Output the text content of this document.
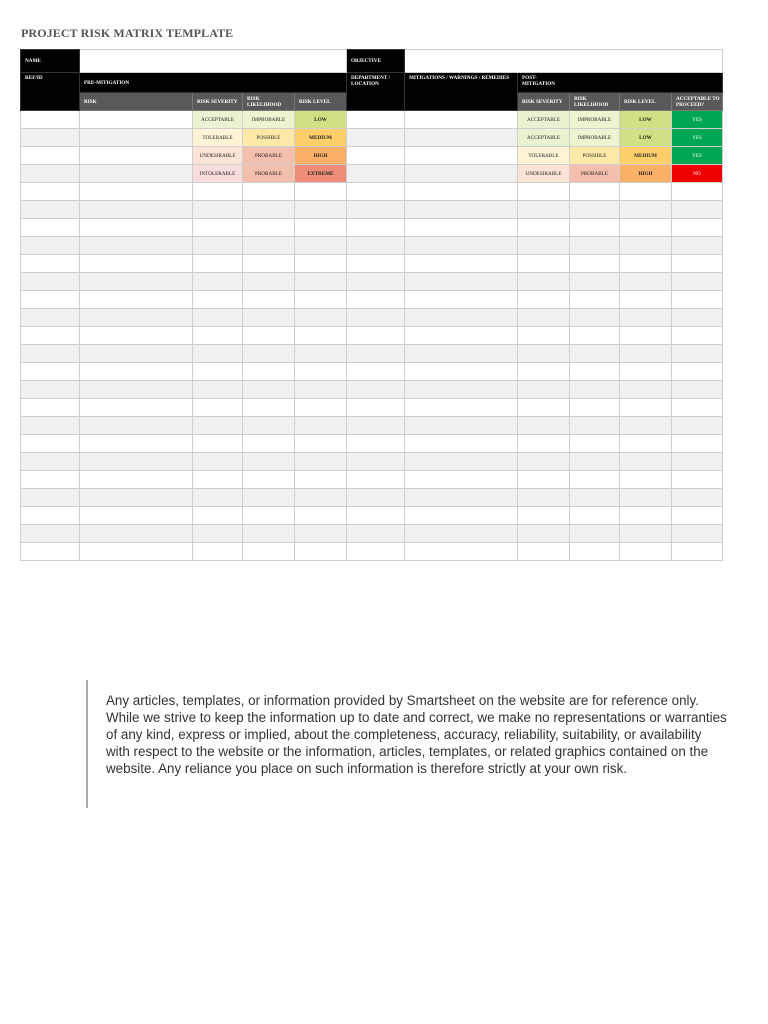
PROJECT RISK MATRIX TEMPLATE
NAME					OBJECTIVE					
REF/ID	PRE-MITIGATION				DEPARTMENT / LOCATION	MITIGATIONS / WARNINGS / REMEDIES	POST-MITIGATION			
	RISK	RISK SEVERITY	RISK LIKELIHOOD	RISK LEVEL			RISK SEVERITY	RISK LIKELIHOOD	RISK LEVEL	ACCEPTABLE TO PROCEED?
		ACCEPTABLE	IMPROBABLE	LOW			ACCEPTABLE	IMPROBABLE	LOW	YES
		TOLERABLE	POSSIBLE	MEDIUM			ACCEPTABLE	IMPROBABLE	LOW	YES
		UNDESIRABLE	PROBABLE	HIGH			TOLERABLE	POSSIBLE	MEDIUM	YES
		INTOLERABLE	PROBABLE	EXTREME			UNDESIRABLE	PROBABLE	HIGH	NO

Any articles, templates, or information provided by Smartsheet on the website are for reference only. While we strive to keep the information up to date and correct, we make no representations or warranties of any kind, express or implied, about the completeness, accuracy, reliability, suitability, or availability with respect to the website or the information, articles, templates, or related graphics contained on the website. Any reliance you place on such information is therefore strictly at your own risk.
